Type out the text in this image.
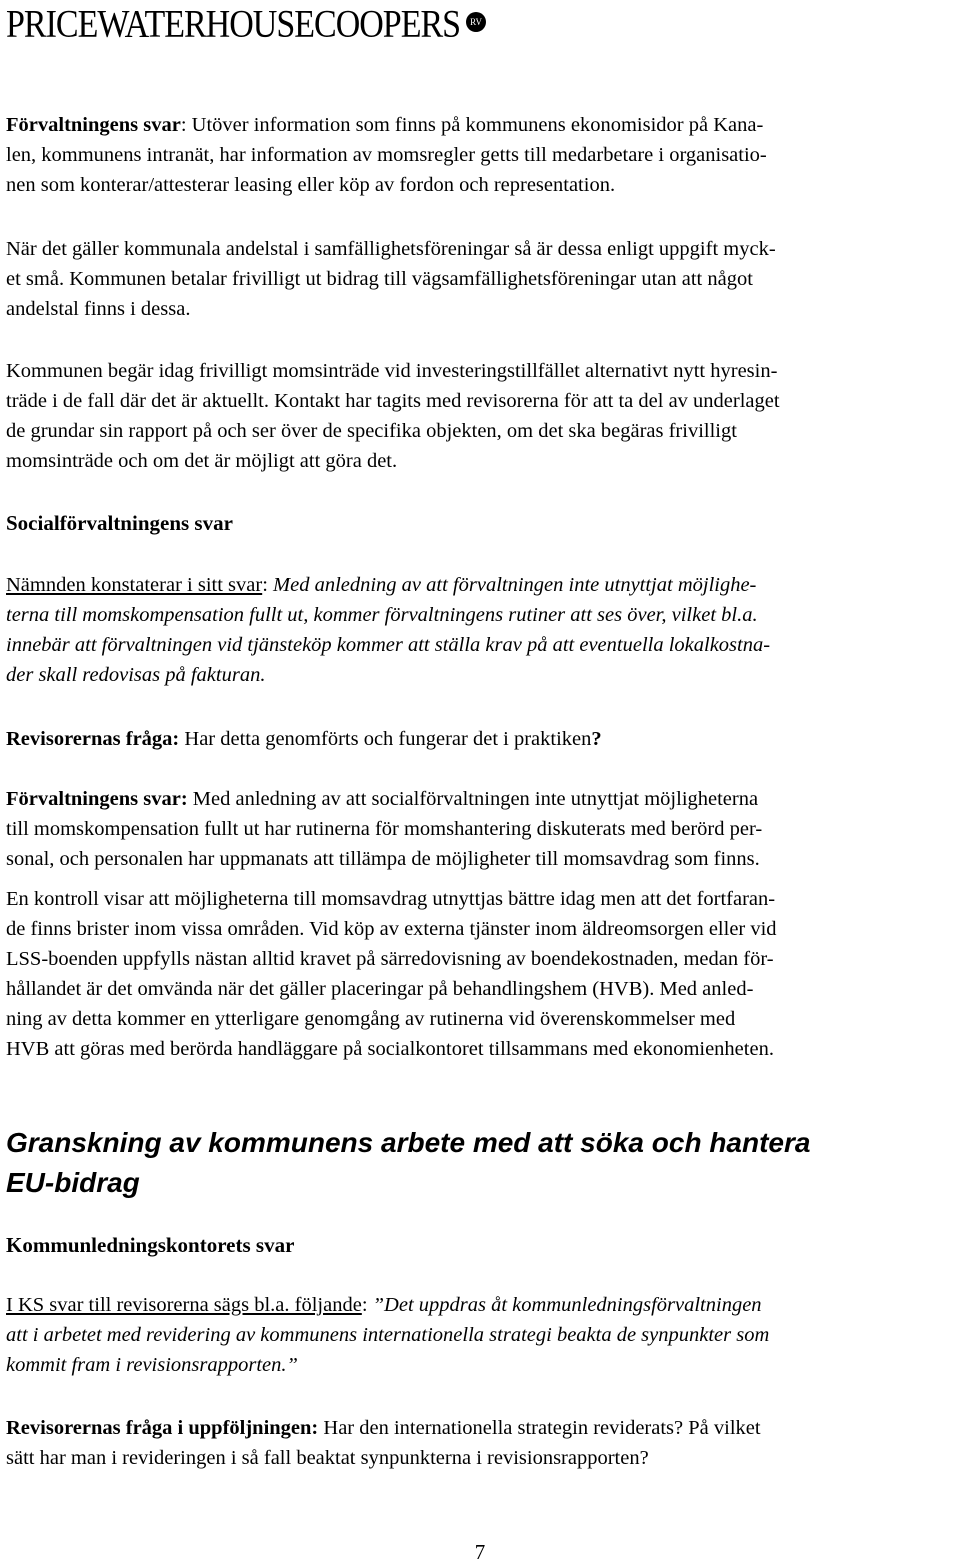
PRICEWATERHOUSECOOPERS	RV

Förvaltningens svar: Utöver information som finns på kommunens ekonomisidor på Kana-
len, kommunens intranät, har information av momsregler getts till medarbetare i organisatio-
nen som konterar/attesterar leasing eller köp av fordon och representation.

När det gäller kommunala andelstal i samfällighetsföreningar så är dessa enligt uppgift myck-
et små. Kommunen betalar frivilligt ut bidrag till vägsamfällighetsföreningar utan att något
andelstal finns i dessa.

Kommunen begär idag frivilligt momsinträde vid investeringstillfället alternativt nytt hyresin-
träde i de fall där det är aktuellt. Kontakt har tagits med revisorerna för att ta del av underlaget
de grundar sin rapport på och ser över de specifika objekten, om det ska begäras frivilligt
momsinträde och om det är möjligt att göra det.

Socialförvaltningens svar

Nämnden konstaterar i sitt svar: Med anledning av att förvaltningen inte utnyttjat möjlighe-
terna till momskompensation fullt ut, kommer förvaltningens rutiner att ses över, vilket bl.a.
innebär att förvaltningen vid tjänsteköp kommer att ställa krav på att eventuella lokalkostna-
der skall redovisas på fakturan.

Revisorernas fråga: Har detta genomförts och fungerar det i praktiken?

Förvaltningens svar: Med anledning av att socialförvaltningen inte utnyttjat möjligheterna
till momskompensation fullt ut har rutinerna för momshantering diskuterats med berörd per-
sonal, och personalen har uppmanats att tillämpa de möjligheter till momsavdrag som finns.

En kontroll visar att möjligheterna till momsavdrag utnyttjas bättre idag men att det fortfaran-
de finns brister inom vissa områden. Vid köp av externa tjänster inom äldreomsorgen eller vid
LSS-boenden uppfylls nästan alltid kravet på särredovisning av boendekostnaden, medan för-
hållandet är det omvända när det gäller placeringar på behandlingshem (HVB). Med anled-
ning av detta kommer en ytterligare genomgång av rutinerna vid överenskommelser med
HVB att göras med berörda handläggare på socialkontoret tillsammans med ekonomienheten.

Granskning av kommunens arbete med att söka och hantera
EU-bidrag
Kommunledningskontorets svar

I KS svar till revisorerna sägs bl.a. följande: ”Det uppdras åt kommunledningsförvaltningen
att i arbetet med revidering av kommunens internationella strategi beakta de synpunkter som
kommit fram i revisionsrapporten.”

Revisorernas fråga i uppföljningen: Har den internationella strategin reviderats? På vilket
sätt har man i revideringen i så fall beaktat synpunkterna i revisionsrapporten?

7
